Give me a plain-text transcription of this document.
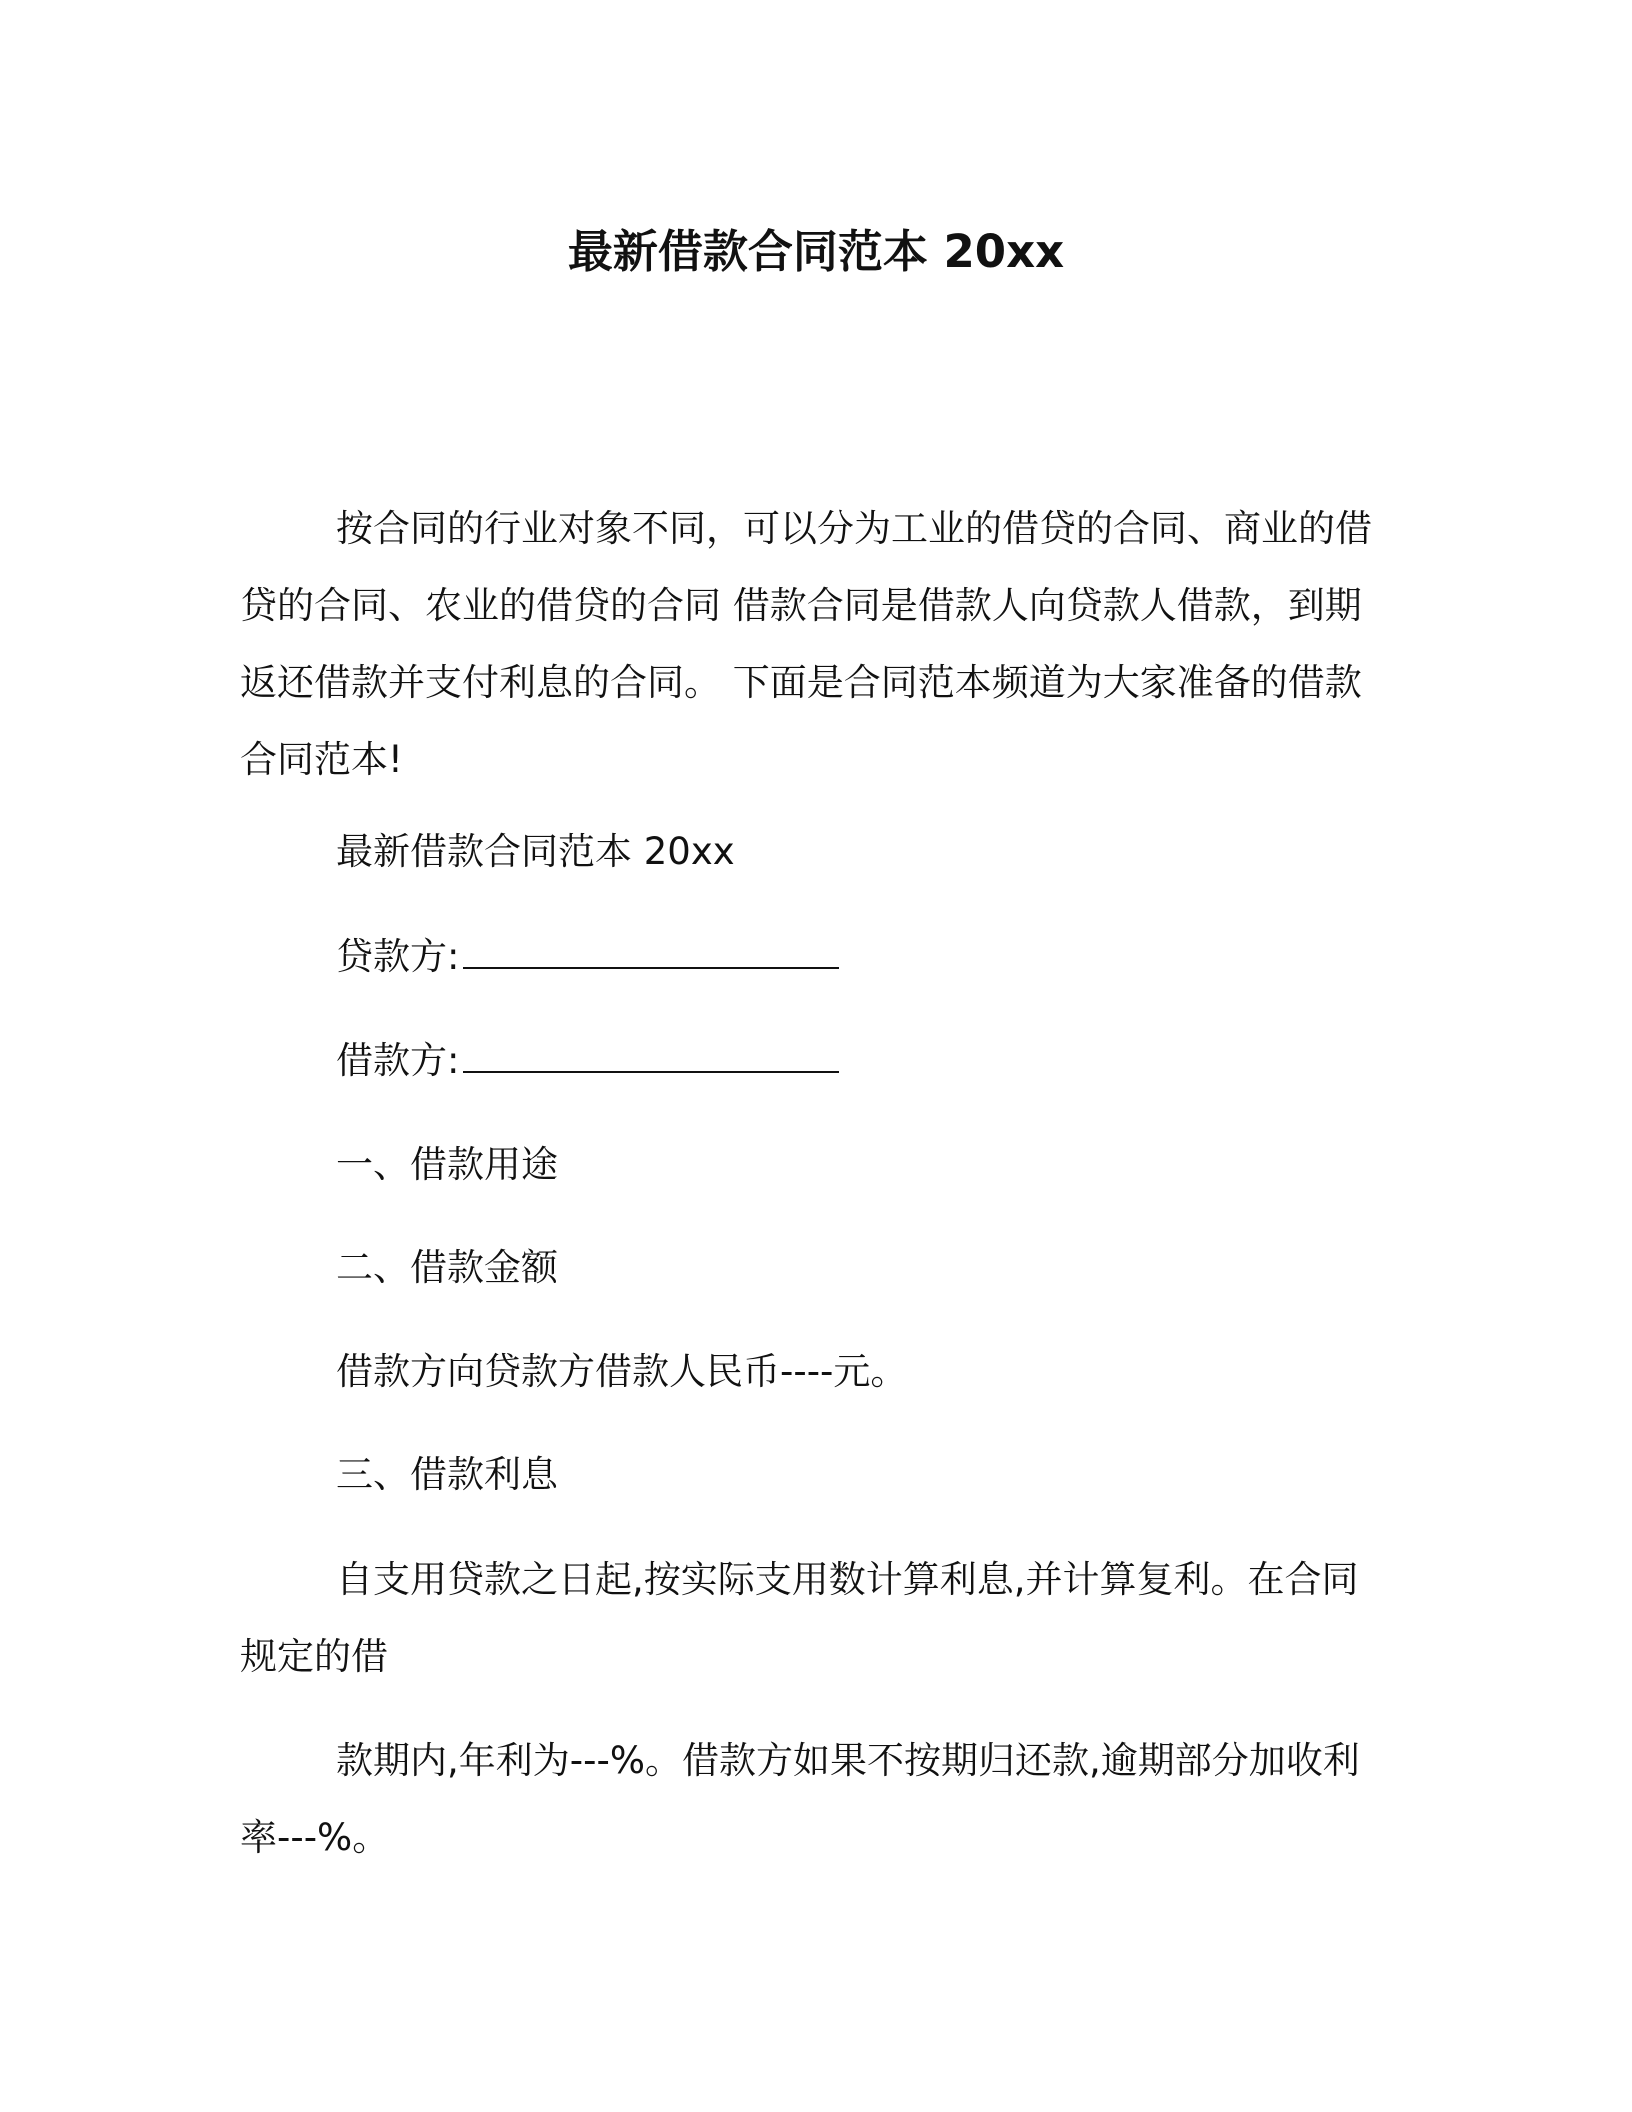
最新借款合同范本 20xx

按合同的行业对象不同，可以分为工业的借贷的合同、商业的借贷的合同、农业的借贷的合同 借款合同是借款人向贷款人借款，到期返还借款并支付利息的合同。 下面是合同范本频道为大家准备的借款合同范本!

最新借款合同范本 20xx
贷款方:
借款方:
一、借款用途
二、借款金额
借款方向贷款方借款人民币----元。
三、借款利息

自支用贷款之日起,按实际支用数计算利息,并计算复利。在合同规定的借

款期内,年利为---%。借款方如果不按期归还款,逾期部分加收利率---%。
